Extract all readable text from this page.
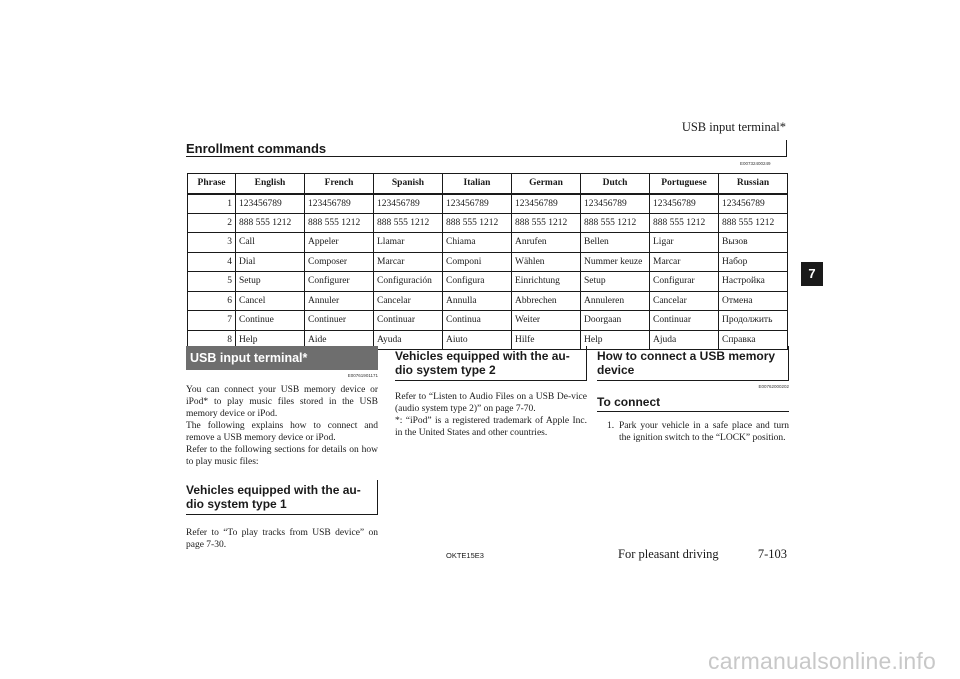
USB input terminal*
7
Enrollment commands
E00732400249
Phrase	English	French	Spanish	Italian	German	Dutch	Portuguese	Russian
1	123456789	123456789	123456789	123456789	123456789	123456789	123456789	123456789
2	888 555 1212	888 555 1212	888 555 1212	888 555 1212	888 555 1212	888 555 1212	888 555 1212	888 555 1212
3	Call	Appeler	Llamar	Chiama	Anrufen	Bellen	Ligar	Вызов
4	Dial	Composer	Marcar	Componi	Wählen	Nummer keuze	Marcar	Набор
5	Setup	Configurer	Configuración	Configura	Einrichtung	Setup	Configurar	Настройка
6	Cancel	Annuler	Cancelar	Annulla	Abbrechen	Annuleren	Cancelar	Отмена
7	Continue	Continuer	Continuar	Continua	Weiter	Doorgaan	Continuar	Продолжить
8	Help	Aide	Ayuda	Aiuto	Hilfe	Help	Ajuda	Справка
USB input terminal*
E00761901171

You can connect your USB memory device or iPod* to play music files stored in the USB memory device or iPod.

The following explains how to connect and remove a USB memory device or iPod.

Refer to the following sections for details on how to play music files:

Vehicles equipped with the au-dio system type 1

Refer to “To play tracks from USB device” on page 7-30.

Vehicles equipped with the au-dio system type 2

Refer to “Listen to Audio Files on a USB De-vice (audio system type 2)” on page 7-70.

*: “iPod” is a registered trademark of Apple Inc. in the United States and other countries.

How to connect a USB memory device
E00762000202
To connect
1. Park your vehicle in a safe place and turn the ignition switch to the “LOCK” position.
OKTE15E3	For pleasant driving	7-103
carmanualsonline.info
